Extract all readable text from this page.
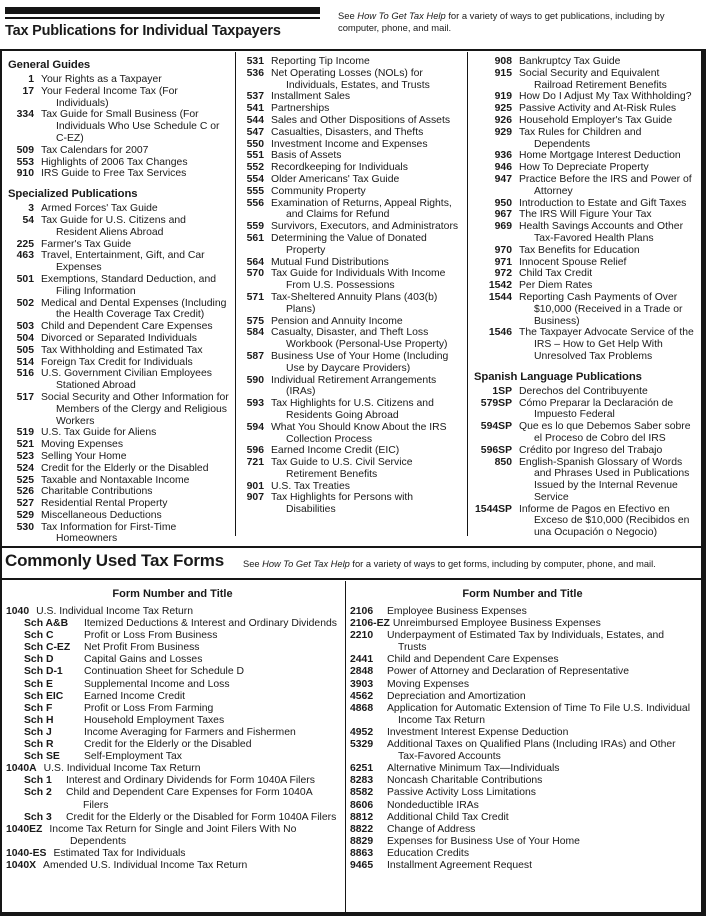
Tax Publications for Individual Taxpayers

See How To Get Tax Help for a variety of ways to get publications, including by computer, phone, and mail.

General Guides
1 Your Rights as a Taxpayer
17 Your Federal Income Tax (For Individuals)
334 Tax Guide for Small Business (For Individuals Who Use Schedule C or C-EZ)
509 Tax Calendars for 2007
553 Highlights of 2006 Tax Changes
910 IRS Guide to Free Tax Services
Specialized Publications
3 Armed Forces' Tax Guide
54 Tax Guide for U.S. Citizens and Resident Aliens Abroad
225 Farmer's Tax Guide
463 Travel, Entertainment, Gift, and Car Expenses
501 Exemptions, Standard Deduction, and Filing Information
502 Medical and Dental Expenses (Including the Health Coverage Tax Credit)
503 Child and Dependent Care Expenses
504 Divorced or Separated Individuals
505 Tax Withholding and Estimated Tax
514 Foreign Tax Credit for Individuals
516 U.S. Government Civilian Employees Stationed Abroad
517 Social Security and Other Information for Members of the Clergy and Religious Workers
519 U.S. Tax Guide for Aliens
521 Moving Expenses
523 Selling Your Home
524 Credit for the Elderly or the Disabled
525 Taxable and Nontaxable Income
526 Charitable Contributions
527 Residential Rental Property
529 Miscellaneous Deductions
530 Tax Information for First-Time Homeowners
531 Reporting Tip Income
536 Net Operating Losses (NOLs) for Individuals, Estates, and Trusts
537 Installment Sales
541 Partnerships
544 Sales and Other Dispositions of Assets
547 Casualties, Disasters, and Thefts
550 Investment Income and Expenses
551 Basis of Assets
552 Recordkeeping for Individuals
554 Older Americans' Tax Guide
555 Community Property
556 Examination of Returns, Appeal Rights, and Claims for Refund
559 Survivors, Executors, and Administrators
561 Determining the Value of Donated Property
564 Mutual Fund Distributions
570 Tax Guide for Individuals With Income From U.S. Possessions
571 Tax-Sheltered Annuity Plans (403(b) Plans)
575 Pension and Annuity Income
584 Casualty, Disaster, and Theft Loss Workbook (Personal-Use Property)
587 Business Use of Your Home (Including Use by Daycare Providers)
590 Individual Retirement Arrangements (IRAs)
593 Tax Highlights for U.S. Citizens and Residents Going Abroad
594 What You Should Know About the IRS Collection Process
596 Earned Income Credit (EIC)
721 Tax Guide to U.S. Civil Service Retirement Benefits
901 U.S. Tax Treaties
907 Tax Highlights for Persons with Disabilities
908 Bankruptcy Tax Guide
915 Social Security and Equivalent Railroad Retirement Benefits
919 How Do I Adjust My Tax Withholding?
925 Passive Activity and At-Risk Rules
926 Household Employer's Tax Guide
929 Tax Rules for Children and Dependents
936 Home Mortgage Interest Deduction
946 How To Depreciate Property
947 Practice Before the IRS and Power of Attorney
950 Introduction to Estate and Gift Taxes
967 The IRS Will Figure Your Tax
969 Health Savings Accounts and Other Tax-Favored Health Plans
970 Tax Benefits for Education
971 Innocent Spouse Relief
972 Child Tax Credit
1542 Per Diem Rates
1544 Reporting Cash Payments of Over $10,000 (Received in a Trade or Business)
1546 The Taxpayer Advocate Service of the IRS – How to Get Help With Unresolved Tax Problems
Spanish Language Publications
1SP Derechos del Contribuyente
579SP Cómo Preparar la Declaración de Impuesto Federal
594SP Que es lo que Debemos Saber sobre el Proceso de Cobro del IRS
596SP Crédito por Ingreso del Trabajo
850 English-Spanish Glossary of Words and Phrases Used in Publications Issued by the Internal Revenue Service
1544SP Informe de Pagos en Efectivo en Exceso de $10,000 (Recibidos en una Ocupación o Negocio)
Commonly Used Tax Forms See How To Get Tax Help for a variety of ways to get forms, including by computer, phone, and mail.

Form Number and Title
1040 U.S. Individual Income Tax Return
Sch A&B	Itemized Deductions & Interest and Ordinary Dividends
Sch C	Profit or Loss From Business
Sch C-EZ	Net Profit From Business
Sch D	Capital Gains and Losses
Sch D-1	Continuation Sheet for Schedule D
Sch E	Supplemental Income and Loss
Sch EIC	Earned Income Credit
Sch F	Profit or Loss From Farming
Sch H	Household Employment Taxes
Sch J	Income Averaging for Farmers and Fishermen
Sch R	Credit for the Elderly or the Disabled
Sch SE	Self-Employment Tax
1040A U.S. Individual Income Tax Return
Sch 1	Interest and Ordinary Dividends for Form 1040A Filers
Sch 2	Child and Dependent Care Expenses for Form 1040A Filers
Sch 3	Credit for the Elderly or the Disabled for Form 1040A Filers
1040EZ Income Tax Return for Single and Joint Filers With No Dependents
1040-ES Estimated Tax for Individuals
1040X Amended U.S. Individual Income Tax Return
Form Number and Title
2106 Employee Business Expenses
2106-EZ Unreimbursed Employee Business Expenses
2210 Underpayment of Estimated Tax by Individuals, Estates, and Trusts
2441 Child and Dependent Care Expenses
2848 Power of Attorney and Declaration of Representative
3903 Moving Expenses
4562 Depreciation and Amortization
4868 Application for Automatic Extension of Time To File U.S. Individual Income Tax Return
4952 Investment Interest Expense Deduction
5329 Additional Taxes on Qualified Plans (Including IRAs) and Other Tax-Favored Accounts
6251 Alternative Minimum Tax—Individuals
8283 Noncash Charitable Contributions
8582 Passive Activity Loss Limitations
8606 Nondeductible IRAs
8812 Additional Child Tax Credit
8822 Change of Address
8829 Expenses for Business Use of Your Home
8863 Education Credits
9465 Installment Agreement Request
